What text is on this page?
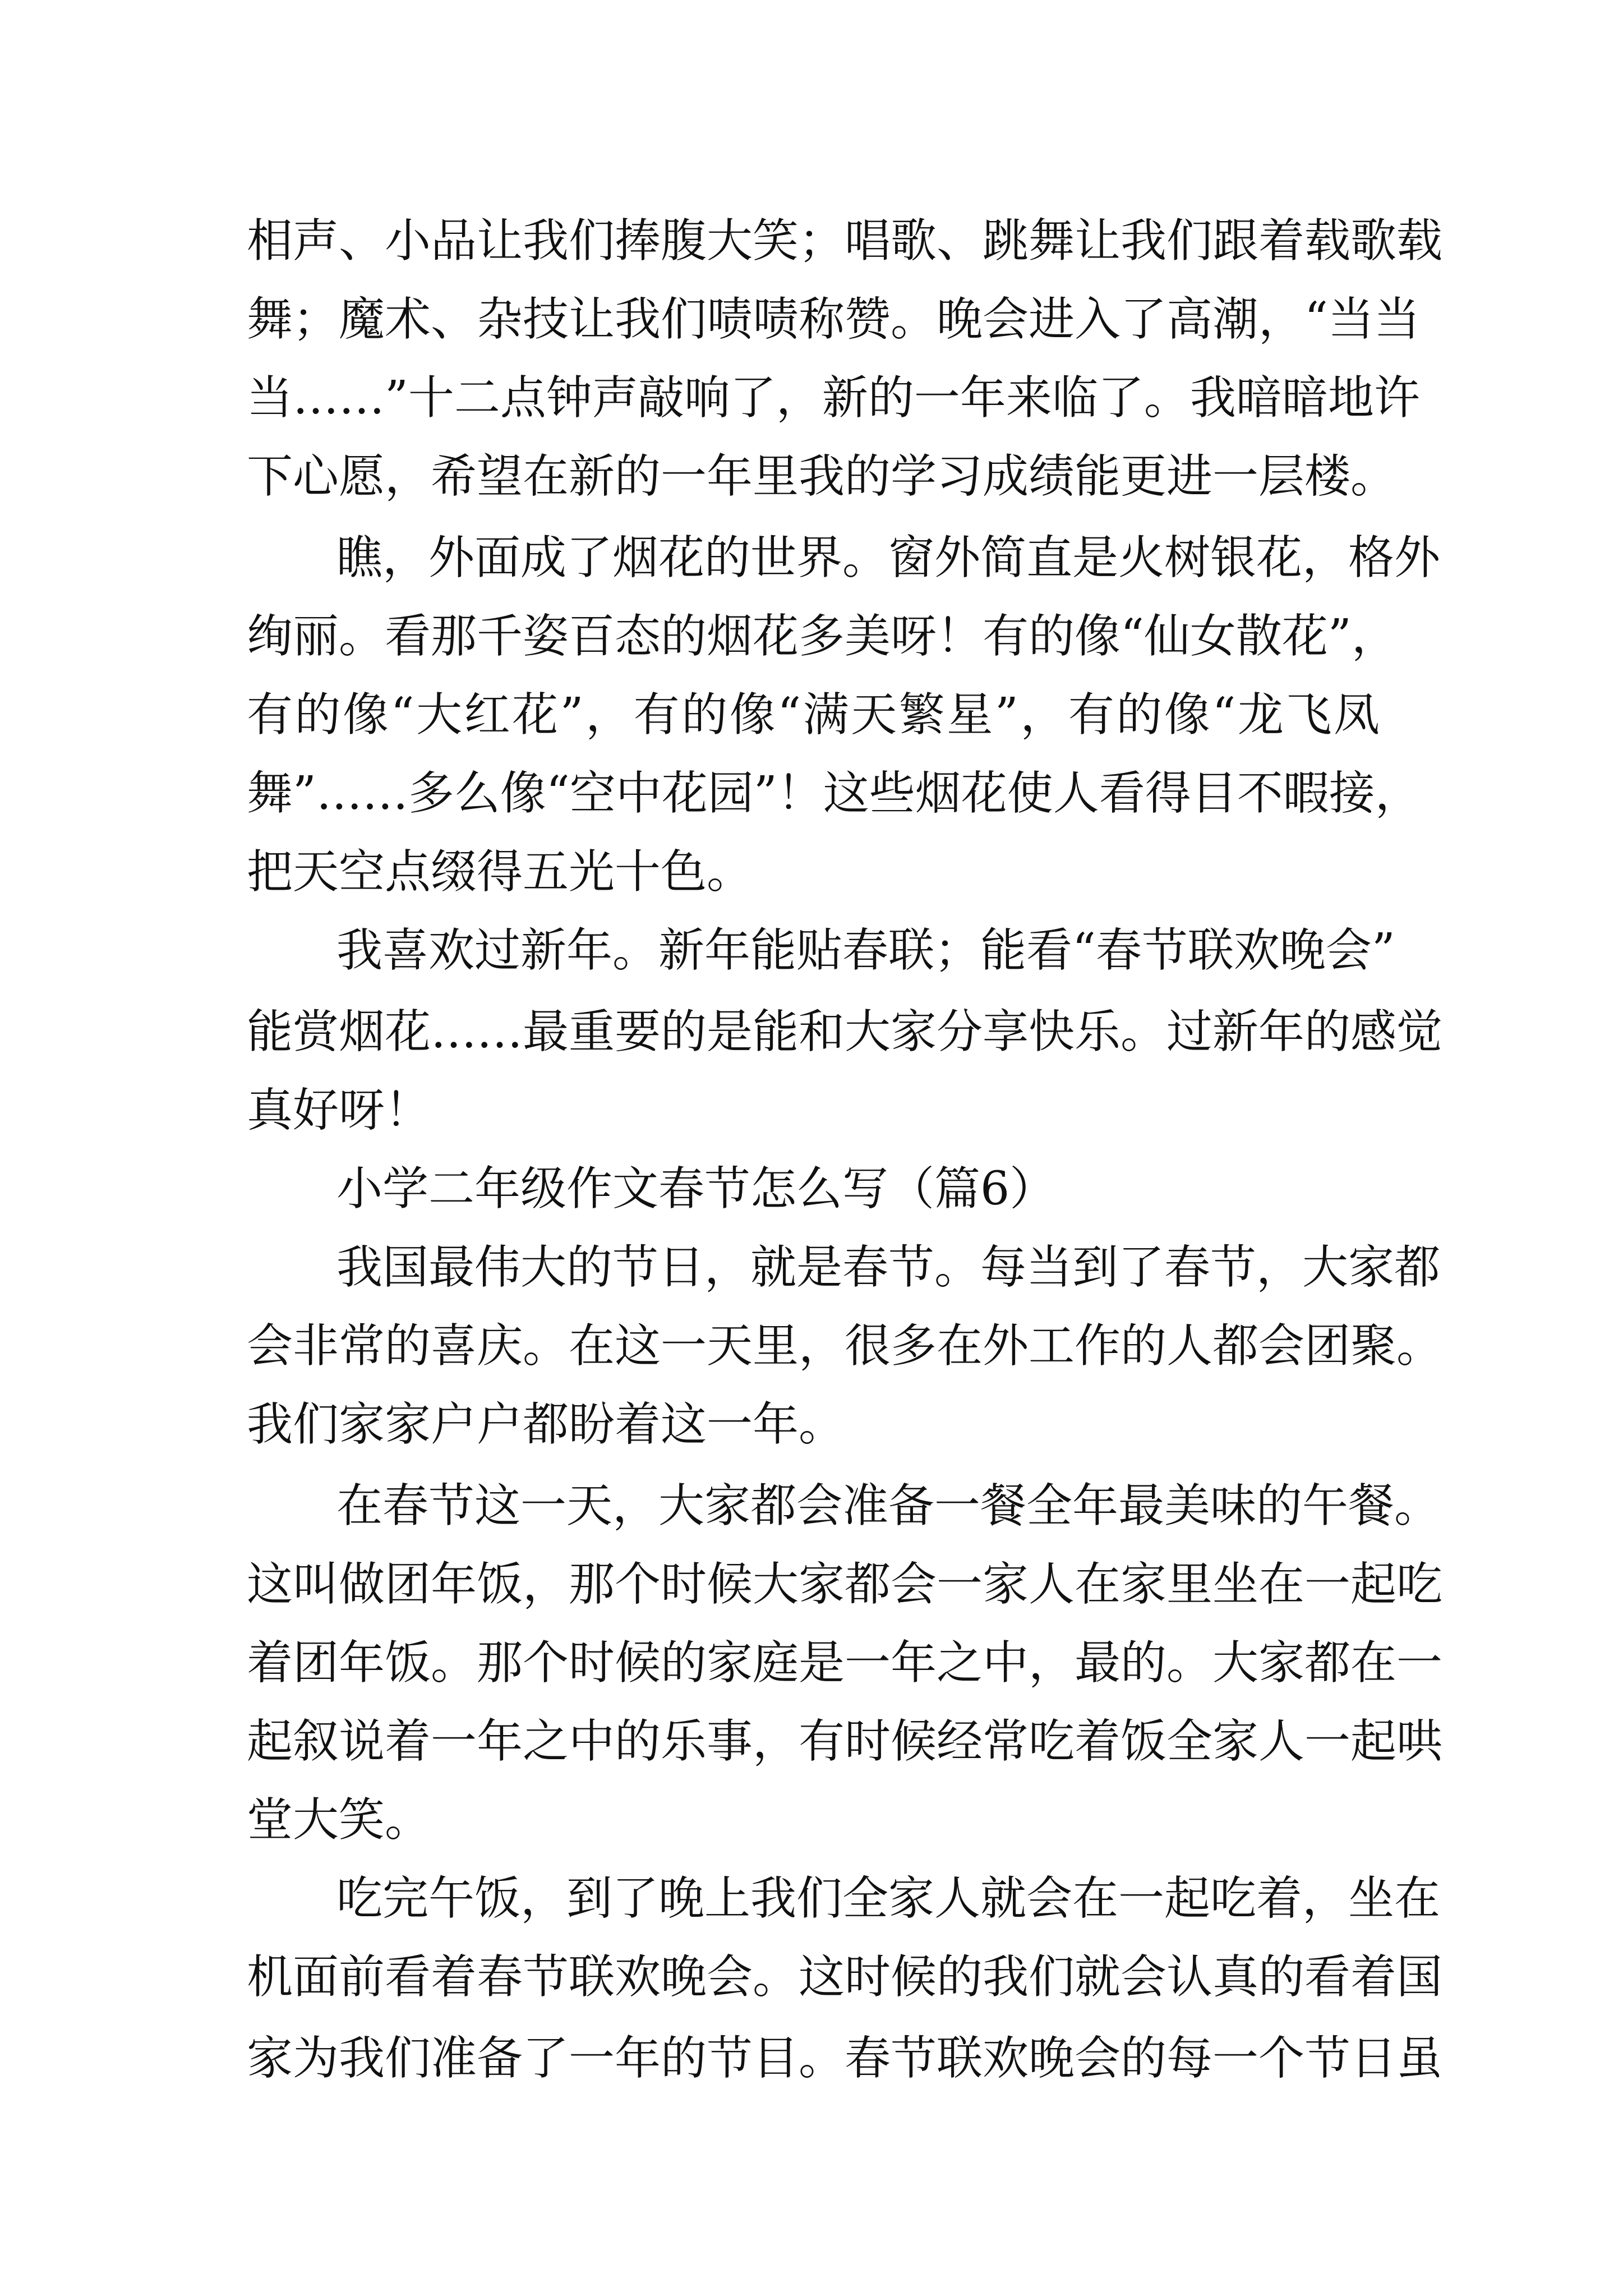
相声、小品让我们捧腹大笑；唱歌、跳舞让我们跟着载歌载
舞；魔术、杂技让我们啧啧称赞。晚会进入了高潮，“当当
当……”十二点钟声敲响了，新的一年来临了。我暗暗地许
下心愿，希望在新的一年里我的学习成绩能更进一层楼。
瞧，外面成了烟花的世界。窗外简直是火树银花，格外
绚丽。看那千姿百态的烟花多美呀！有的像“仙女散花”，
有的像“大红花”，有的像“满天繁星”，有的像“龙飞凤
舞”……多么像“空中花园”！这些烟花使人看得目不暇接，
把天空点缀得五光十色。
我喜欢过新年。新年能贴春联；能看“春节联欢晚会”
能赏烟花……最重要的是能和大家分享快乐。过新年的感觉
真好呀！
小学二年级作文春节怎么写（篇6）
我国最伟大的节日，就是春节。每当到了春节，大家都
会非常的喜庆。在这一天里，很多在外工作的人都会团聚。
我们家家户户都盼着这一年。
在春节这一天，大家都会准备一餐全年最美味的午餐。
这叫做团年饭，那个时候大家都会一家人在家里坐在一起吃
着团年饭。那个时候的家庭是一年之中，最的。大家都在一
起叙说着一年之中的乐事，有时候经常吃着饭全家人一起哄
堂大笑。
吃完午饭，到了晚上我们全家人就会在一起吃着，坐在
机面前看着春节联欢晚会。这时候的我们就会认真的看着国
家为我们准备了一年的节目。春节联欢晚会的每一个节日虽
